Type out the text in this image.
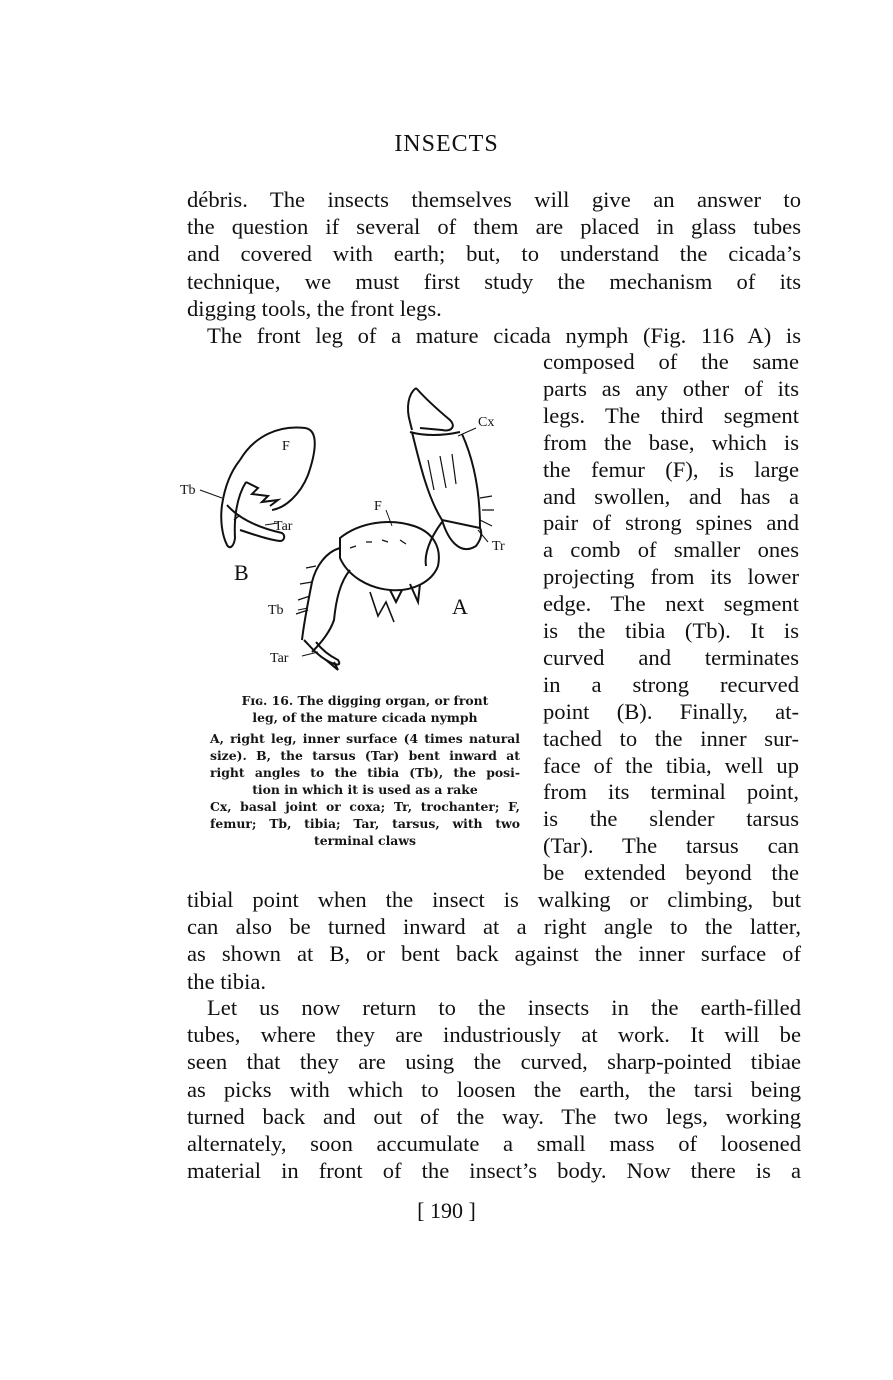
INSECTS
débris. The insects themselves will give an answer to
the question if several of them are placed in glass tubes
and covered with earth; but, to understand the cicada’s
technique, we must first study the mechanism of its
digging tools, the front legs.
The front leg of a mature cicada nymph (Fig. 116 A) is
composed of the same
parts as any other of its
legs. The third segment
from the base, which is
the femur (F), is large
and swollen, and has a
pair of strong spines and
a comb of smaller ones
projecting from its lower
edge. The next segment
is the tibia (Tb). It is
curved and terminates
in a strong recurved
point (B). Finally, at-
tached to the inner sur-
face of the tibia, well up
from its terminal point,
is the slender tarsus
(Tar). The tarsus can
be extended beyond the
tibial point when the insect is walking or climbing, but
can also be turned inward at a right angle to the latter,
as shown at B, or bent back against the inner surface of
the tibia.
Let us now return to the insects in the earth-filled
tubes, where they are industriously at work. It will be
seen that they are using the curved, sharp-pointed tibiae
as picks with which to loosen the earth, the tarsi being
turned back and out of the way. The two legs, working
alternately, soon accumulate a small mass of loosened
material in front of the insect’s body. Now there is a
Cx
F
F
Tr
Tb
Tar
Tb
Tar
A
B
Fɪɢ. 16. The digging organ, or front
leg, of the mature cicada nymph
A, right leg, inner surface (4 times natural
size). B, the tarsus (Tar) bent inward at
right angles to the tibia (Tb), the posi-
tion in which it is used as a rake
Cx, basal joint or coxa; Tr, trochanter; F,
femur; Tb, tibia; Tar, tarsus, with two
terminal claws
[ 190 ]
